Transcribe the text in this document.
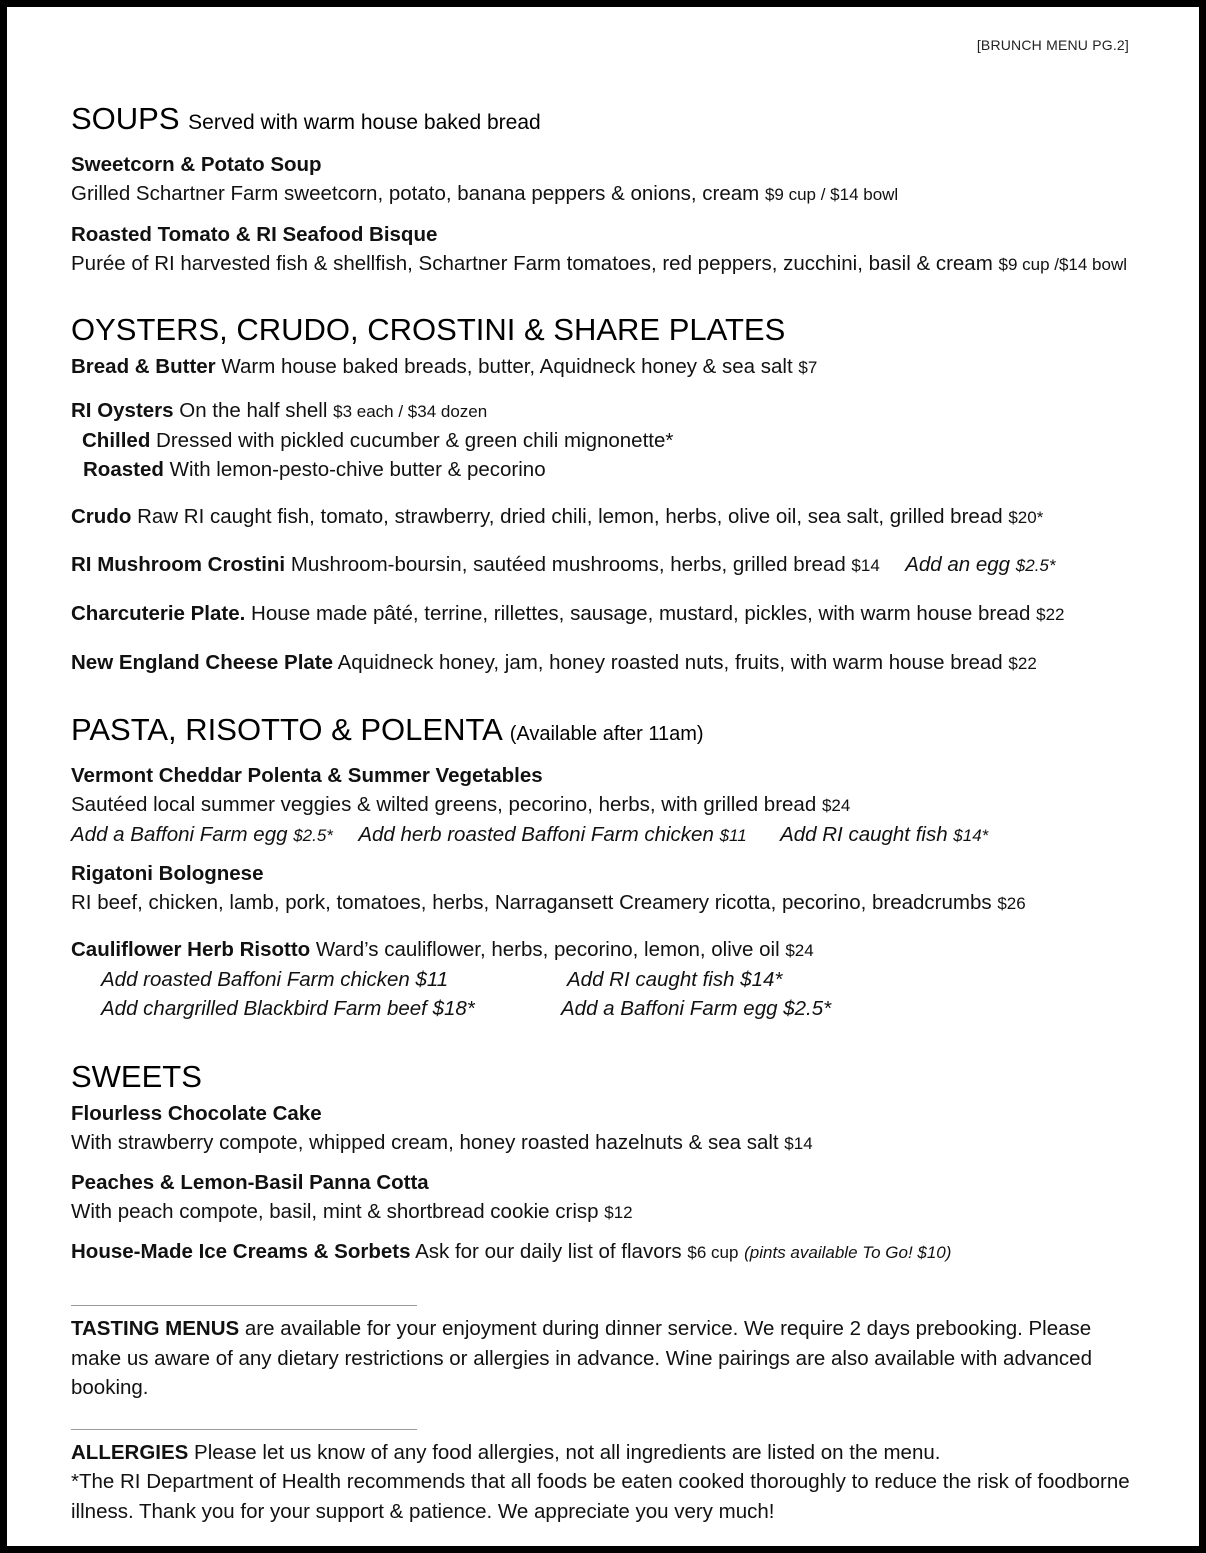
[BRUNCH MENU PG.2]
SOUPS Served with warm house baked bread

Sweetcorn & Potato Soup

Grilled Schartner Farm sweetcorn, potato, banana peppers & onions, cream $9 cup / $14 bowl

Roasted Tomato & RI Seafood Bisque

Purée of RI harvested fish & shellfish, Schartner Farm tomatoes, red peppers, zucchini, basil & cream $9 cup /$14 bowl

OYSTERS, CRUDO, CROSTINI & SHARE PLATES

Bread & Butter Warm house baked breads, butter, Aquidneck honey & sea salt $7

RI Oysters On the half shell $3 each / $34 dozen

Chilled Dressed with pickled cucumber & green chili mignonette*

Roasted With lemon-pesto-chive butter & pecorino

Crudo Raw RI caught fish, tomato, strawberry, dried chili, lemon, herbs, olive oil, sea salt, grilled bread $20*

RI Mushroom Crostini Mushroom-boursin, sautéed mushrooms, herbs, grilled bread $14 Add an egg $2.5*

Charcuterie Plate. House made pâté, terrine, rillettes, sausage, mustard, pickles, with warm house bread $22

New England Cheese Plate Aquidneck honey, jam, honey roasted nuts, fruits, with warm house bread $22

PASTA, RISOTTO & POLENTA (Available after 11am)

Vermont Cheddar Polenta & Summer Vegetables

Sautéed local summer veggies & wilted greens, pecorino, herbs, with grilled bread $24

Add a Baffoni Farm egg $2.5* Add herb roasted Baffoni Farm chicken $11 Add RI caught fish $14*

Rigatoni Bolognese

RI beef, chicken, lamb, pork, tomatoes, herbs, Narragansett Creamery ricotta, pecorino, breadcrumbs $26

Cauliflower Herb Risotto Ward’s cauliflower, herbs, pecorino, lemon, olive oil $24

Add roasted Baffoni Farm chicken $11	Add RI caught fish $14*
Add chargrilled Blackbird Farm beef $18*	Add a Baffoni Farm egg $2.5*
SWEETS

Flourless Chocolate Cake

With strawberry compote, whipped cream, honey roasted hazelnuts & sea salt $14

Peaches & Lemon-Basil Panna Cotta

With peach compote, basil, mint & shortbread cookie crisp $12

House-Made Ice Creams & Sorbets Ask for our daily list of flavors $6 cup (pints available To Go! $10)

TASTING MENUS are available for your enjoyment during dinner service. We require 2 days prebooking. Please make us aware of any dietary restrictions or allergies in advance. Wine pairings are also available with advanced booking.

ALLERGIES Please let us know of any food allergies, not all ingredients are listed on the menu.

*The RI Department of Health recommends that all foods be eaten cooked thoroughly to reduce the risk of foodborne illness. Thank you for your support & patience. We appreciate you very much!
